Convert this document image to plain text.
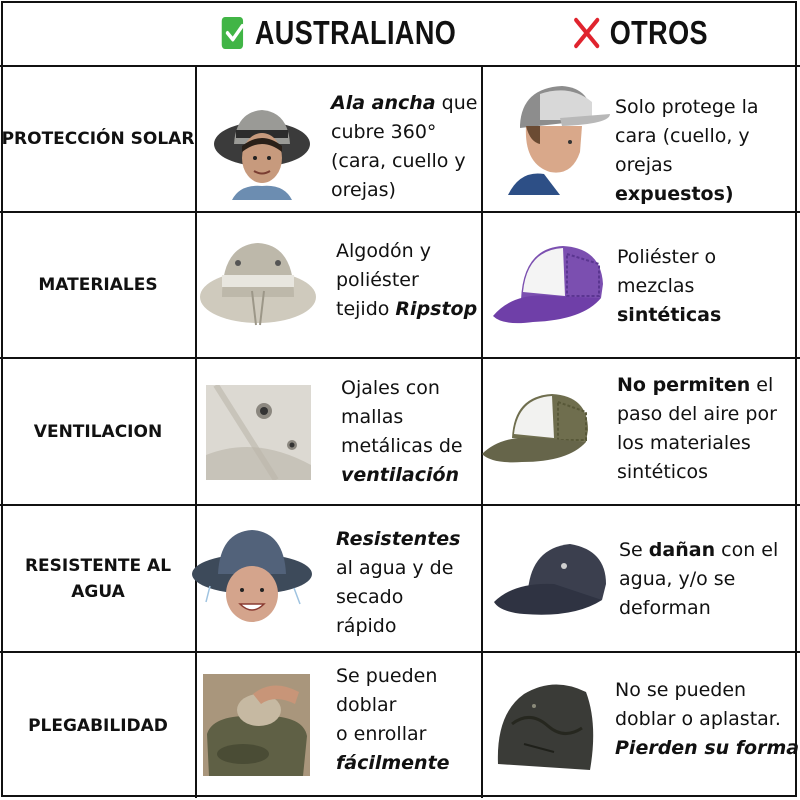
AUSTRALIANO	OTROS
PROTECCIÓN SOLAR
MATERIALES
VENTILACION
RESISTENTE AL AGUA
PLEGABILIDAD
Ala ancha que
cubre 360°
(cara, cuello y
orejas)
Solo protege la
cara (cuello, y
orejas
expuestos)
Algodón y
poliéster
tejido Ripstop
Poliéster o
mezclas
sintéticas
Ojales con
mallas
metálicas de
ventilación
No permiten el
paso del aire por
los materiales
sintéticos
Resistentes
al agua y de
secado
rápido
Se dañan con el
agua, y/o se
deforman
Se pueden
doblar
o enrollar
fácilmente
No se pueden
doblar o aplastar.
Pierden su forma
